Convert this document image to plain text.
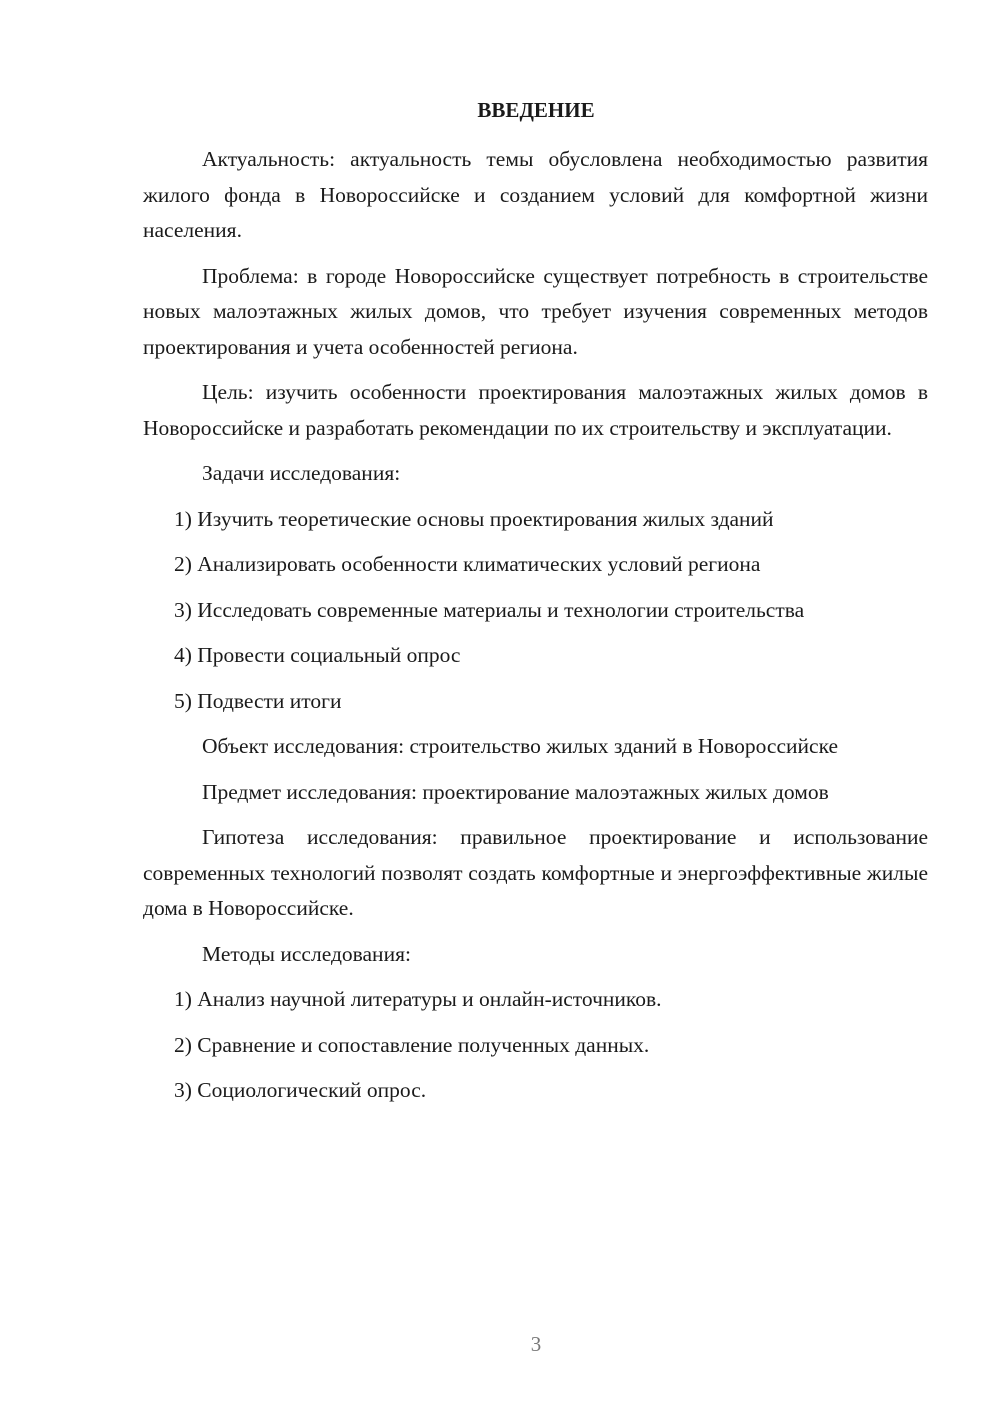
ВВЕДЕНИЕ

Актуальность: актуальность темы обусловлена необходимостью развития жилого фонда в Новороссийске и созданием условий для комфортной жизни населения.

Проблема: в городе Новороссийске существует потребность в строительстве новых малоэтажных жилых домов, что требует изучения современных методов проектирования и учета особенностей региона.

Цель: изучить особенности проектирования малоэтажных жилых домов в Новороссийске и разработать рекомендации по их строительству и эксплуатации.

Задачи исследования:

1) Изучить теоретические основы проектирования жилых зданий

2) Анализировать особенности климатических условий региона

3) Исследовать современные материалы и технологии строительства

4) Провести социальный опрос

5) Подвести итоги

Объект исследования: строительство жилых зданий в Новороссийске

Предмет исследования: проектирование малоэтажных жилых домов

Гипотеза исследования: правильное проектирование и использование современных технологий позволят создать комфортные и энергоэффективные жилые дома в Новороссийске.

Методы исследования:

1) Анализ научной литературы и онлайн-источников.

2) Сравнение и сопоставление полученных данных.

3) Социологический опрос.

3
